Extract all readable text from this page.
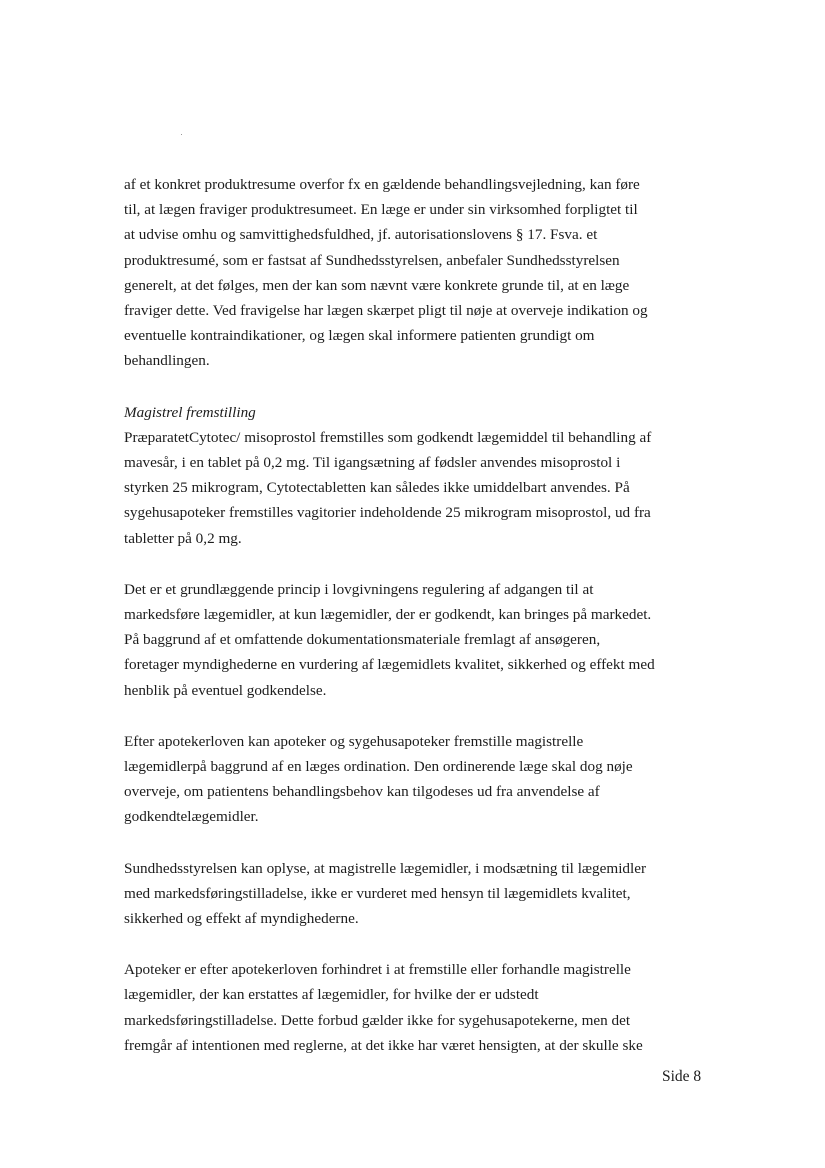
af et konkret produktresume overfor fx en gældende behandlingsvejledning, kan føre
til, at lægen fraviger produktresumeet. En læge er under sin virksomhed forpligtet til
at udvise omhu og samvittighedsfuldhed, jf. autorisationslovens § 17. Fsva. et
produktresumé, som er fastsat af Sundhedsstyrelsen, anbefaler Sundhedsstyrelsen
generelt, at det følges, men der kan som nævnt være konkrete grunde til, at en læge
fraviger dette. Ved fravigelse har lægen skærpet pligt til nøje at overveje indikation og
eventuelle kontraindikationer, og lægen skal informere patienten grundigt om
behandlingen.

Magistrel fremstilling

PræparatetCytotec/ misoprostol fremstilles som godkendt lægemiddel til behandling af
mavesår, i en tablet på 0,2 mg. Til igangsætning af fødsler anvendes misoprostol i
styrken 25 mikrogram, Cytotectabletten kan således ikke umiddelbart anvendes. På
sygehusapoteker fremstilles vagitorier indeholdende 25 mikrogram misoprostol, ud fra
tabletter på 0,2 mg.

Det er et grundlæggende princip i lovgivningens regulering af adgangen til at
markedsføre lægemidler, at kun lægemidler, der er godkendt, kan bringes på markedet.
På baggrund af et omfattende dokumentationsmateriale fremlagt af ansøgeren,
foretager myndighederne en vurdering af lægemidlets kvalitet, sikkerhed og effekt med
henblik på eventuel godkendelse.

Efter apotekerloven kan apoteker og sygehusapoteker fremstille magistrelle
lægemidlerpå baggrund af en læges ordination. Den ordinerende læge skal dog nøje
overveje, om patientens behandlingsbehov kan tilgodeses ud fra anvendelse af
godkendtelægemidler.

Sundhedsstyrelsen kan oplyse, at magistrelle lægemidler, i modsætning til lægemidler
med markedsføringstilladelse, ikke er vurderet med hensyn til lægemidlets kvalitet,
sikkerhed og effekt af myndighederne.

Apoteker er efter apotekerloven forhindret i at fremstille eller forhandle magistrelle
lægemidler, der kan erstattes af lægemidler, for hvilke der er udstedt
markedsføringstilladelse. Dette forbud gælder ikke for sygehusapotekerne, men det
fremgår af intentionen med reglerne, at det ikke har været hensigten, at der skulle ske

Side 8
